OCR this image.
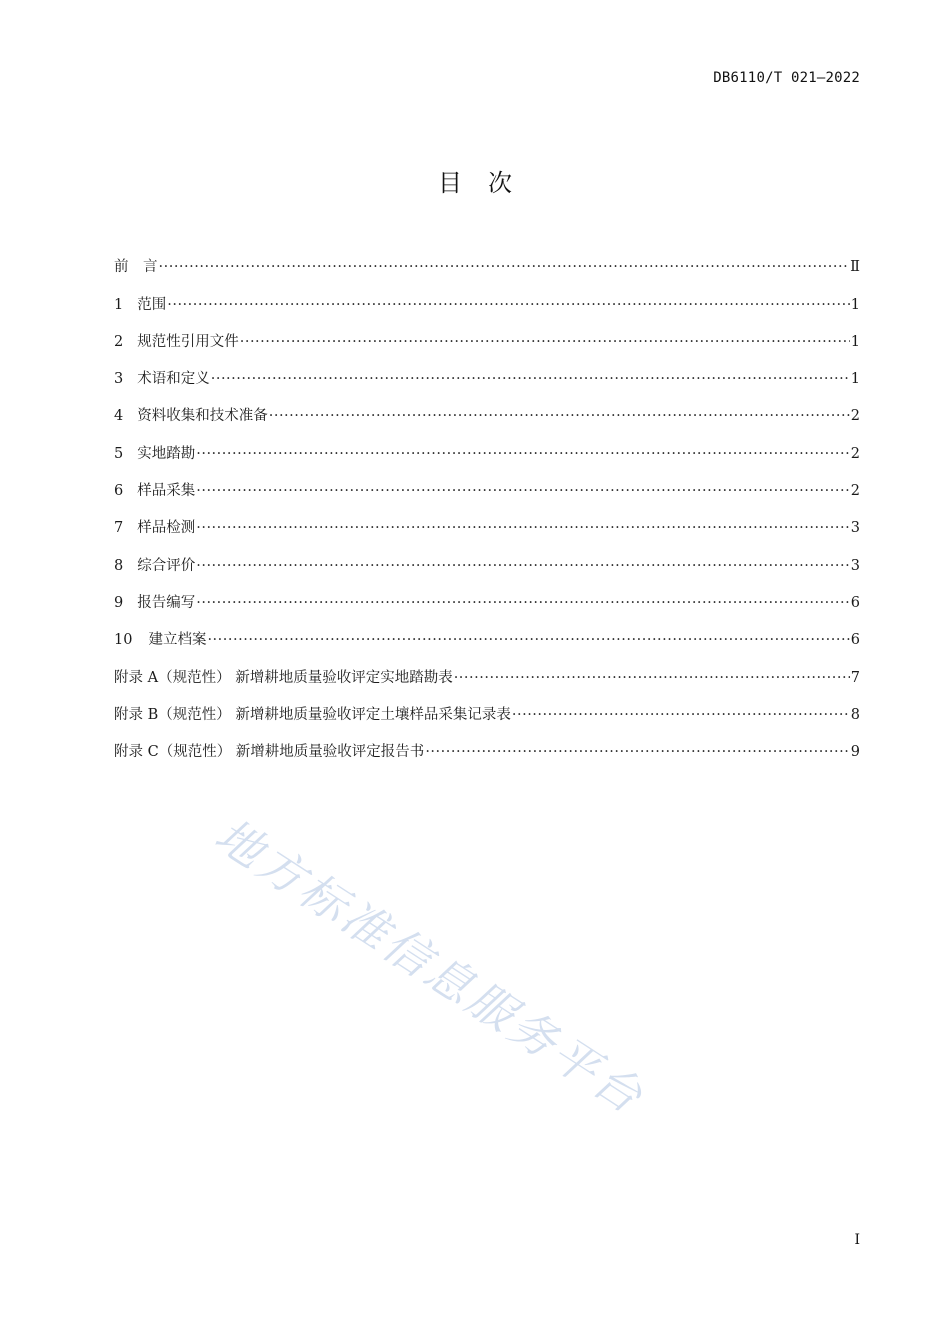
DB6110/T 021—2022
目次
前　言 ·····	Ⅱ
1 范围 ·····	1
2 规范性引用文件 ·····	1
3 术语和定义 ·····	1
4 资料收集和技术准备 ·····	2
5 实地踏勘 ·····	2
6 样品采集 ·····	2
7 样品检测 ·····	3
8 综合评价 ·····	3
9 报告编写 ·····	6
10 建立档案 ·····	6
附录 A（规范性） 新增耕地质量验收评定实地踏勘表 ·····	7
附录 B（规范性） 新增耕地质量验收评定土壤样品采集记录表 ·····	8
附录 C（规范性） 新增耕地质量验收评定报告书 ·····	9
地方标准信息服务平台
I
